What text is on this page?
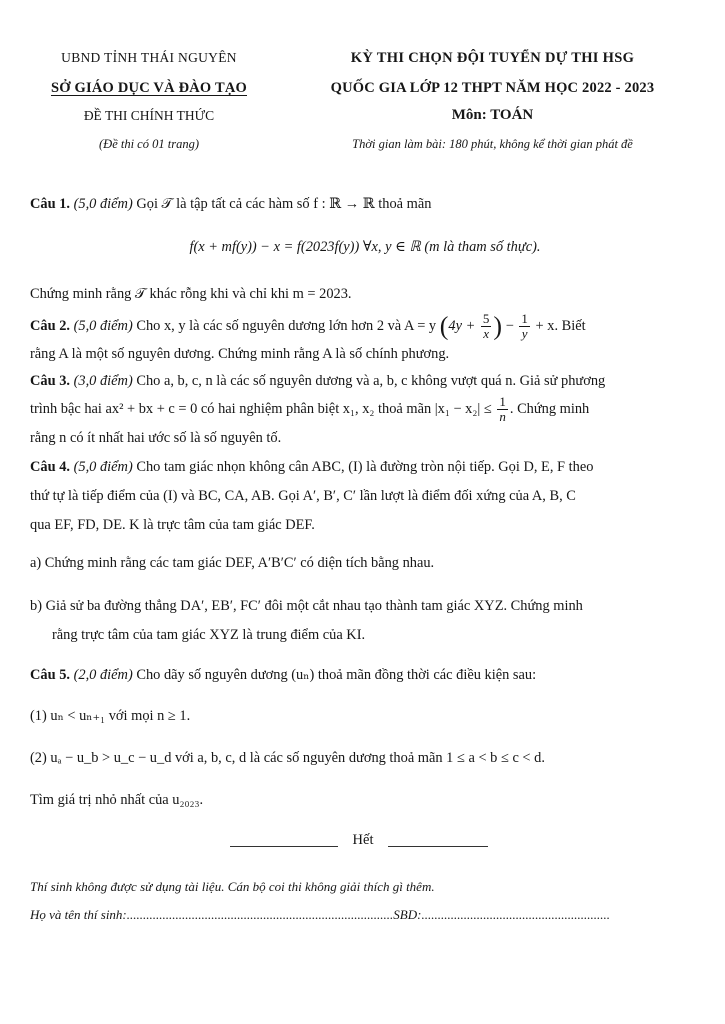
UBND TỈNH THÁI NGUYÊN
SỞ GIÁO DỤC VÀ ĐÀO TẠO
ĐỀ THI CHÍNH THỨC
(Đề thi có 01 trang)
KỲ THI CHỌN ĐỘI TUYỂN DỰ THI HSG
QUỐC GIA LỚP 12 THPT NĂM HỌC 2022 - 2023
Môn: TOÁN
Thời gian làm bài: 180 phút, không kể thời gian phát đề
Câu 1. (5,0 điểm) Gọi 𝒯 là tập tất cả các hàm số f : ℝ → ℝ thoả mãn
f(x + mf(y)) − x = f(2023f(y)) ∀x, y ∈ ℝ (m là tham số thực).
Chứng minh rằng 𝒯 khác rỗng khi và chỉ khi m = 2023.
Câu 2. (5,0 điểm) Cho x, y là các số nguyên dương lớn hơn 2 và A = y ($4y + \frac{5}{x}$ ) − $\frac{1}{y} + x$. Biết
rằng A là một số nguyên dương. Chứng minh rằng A là số chính phương.
Câu 3. (3,0 điểm) Cho a, b, c, n là các số nguyên dương và a, b, c không vượt quá n. Giả sử phương
trình bậc hai ax² + bx + c = 0 có hai nghiệm phân biệt x₁, x₂ thoả mãn $|x_1 - x_2| \le \frac{1}{n}$ . Chứng minh
rằng n có ít nhất hai ước số là số nguyên tố.
Câu 4. (5,0 điểm) Cho tam giác nhọn không cân ABC, (I) là đường tròn nội tiếp. Gọi D, E, F theo
thứ tự là tiếp điểm của (I) và BC, CA, AB. Gọi A′, B′, C′ lần lượt là điểm đối xứng của A, B, C
qua EF, FD, DE. K là trực tâm của tam giác DEF.
a) Chứng minh rằng các tam giác DEF, A′B′C′ có diện tích bằng nhau.
b) Giả sử ba đường thẳng DA′, EB′, FC′ đôi một cắt nhau tạo thành tam giác XYZ. Chứng minh
rằng trực tâm của tam giác XYZ là trung điểm của KI.
Câu 5. (2,0 điểm) Cho dãy số nguyên dương (uₙ) thoả mãn đồng thời các điều kiện sau:
(1) uₙ < uₙ₊₁ với mọi n ≥ 1.
(2) uₐ − u_b > u_c − u_d với a, b, c, d là các số nguyên dương thoả mãn 1 ≤ a < b ≤ c < d.
Tìm giá trị nhỏ nhất của u₂₀₂₃.
Hết
Thí sinh không được sử dụng tài liệu. Cán bộ coi thi không giải thích gì thêm.
Họ và tên thí sinh:..................................................................................SBD:..........................................................
